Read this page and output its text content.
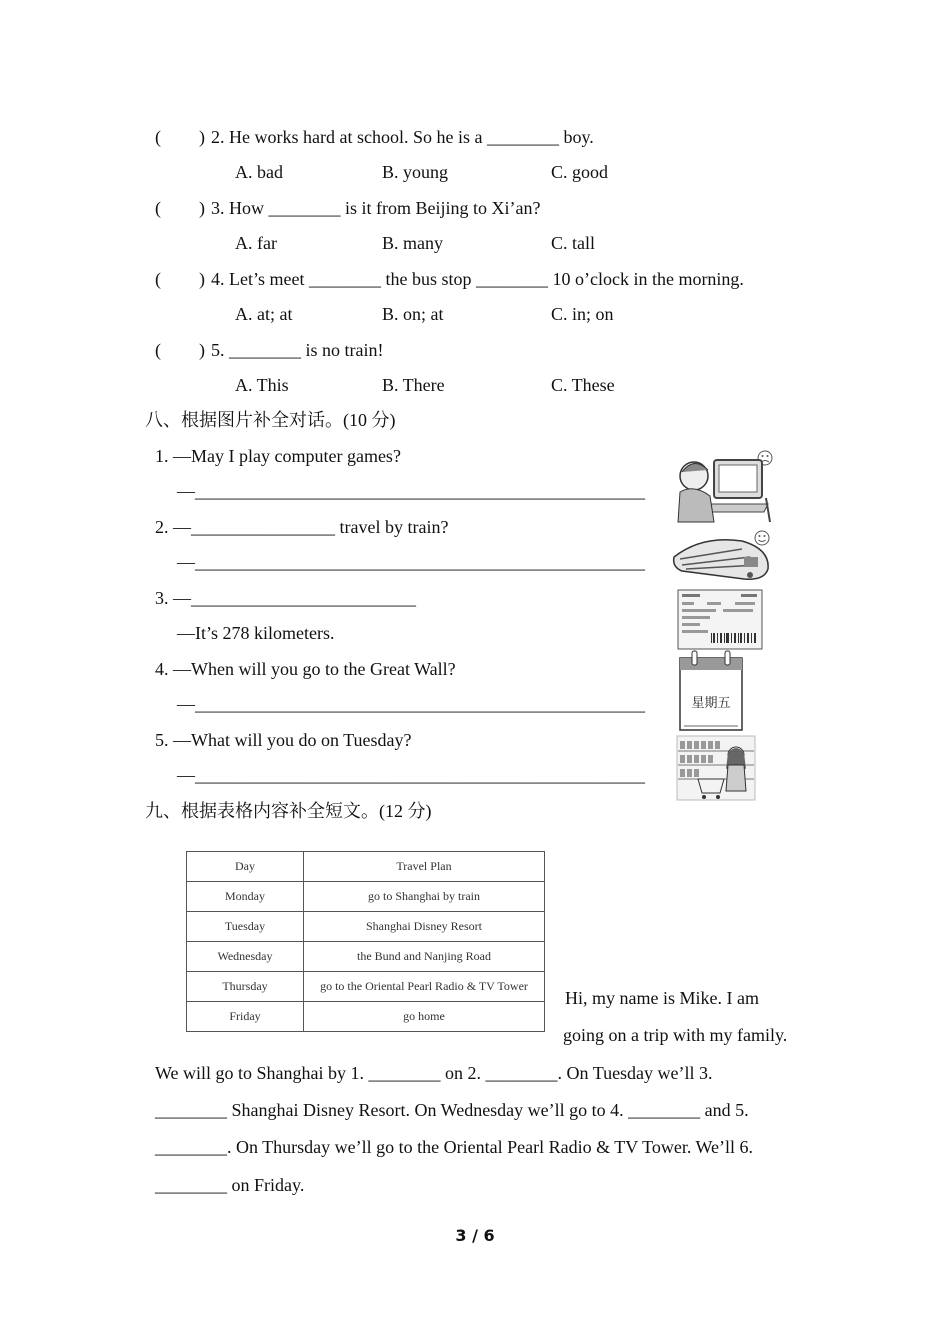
( ) 2. He works hard at school. So he is a ________ boy.
A. bad	B. young	C. good
( ) 3. How ________ is it from Beijing to Xi’an?
A. far	B. many	C. tall
( ) 4. Let’s meet ________ the bus stop ________ 10 o’clock in the morning.
A. at; at	B. on; at	C. in; on
( ) 5. ________ is no train!
A. This	B. There	C. These
八、根据图片补全对话。(10 分)
1. —May I play computer games?
—__________________________________________________
2. —________________ travel by train?
—__________________________________________________
3. —_________________________
—It’s 278 kilometers.
4. —When will you go to the Great Wall?
—__________________________________________________
5. —What will you do on Tuesday?
—__________________________________________________
星期五
九、根据表格内容补全短文。(12 分)
Day	Travel Plan
Monday	go to Shanghai by train
Tuesday	Shanghai Disney Resort
Wednesday	the Bund and Nanjing Road
Thursday	go to the Oriental Pearl Radio & TV Tower
Friday	go home
Hi, my name is Mike. I am
going on a trip with my family.
We will go to Shanghai by 1. ________ on 2. ________. On Tuesday we’ll 3.
________ Shanghai Disney Resort. On Wednesday we’ll go to 4. ________ and 5.
________. On Thursday we’ll go to the Oriental Pearl Radio & TV Tower. We’ll 6.
________ on Friday.
3 / 6
